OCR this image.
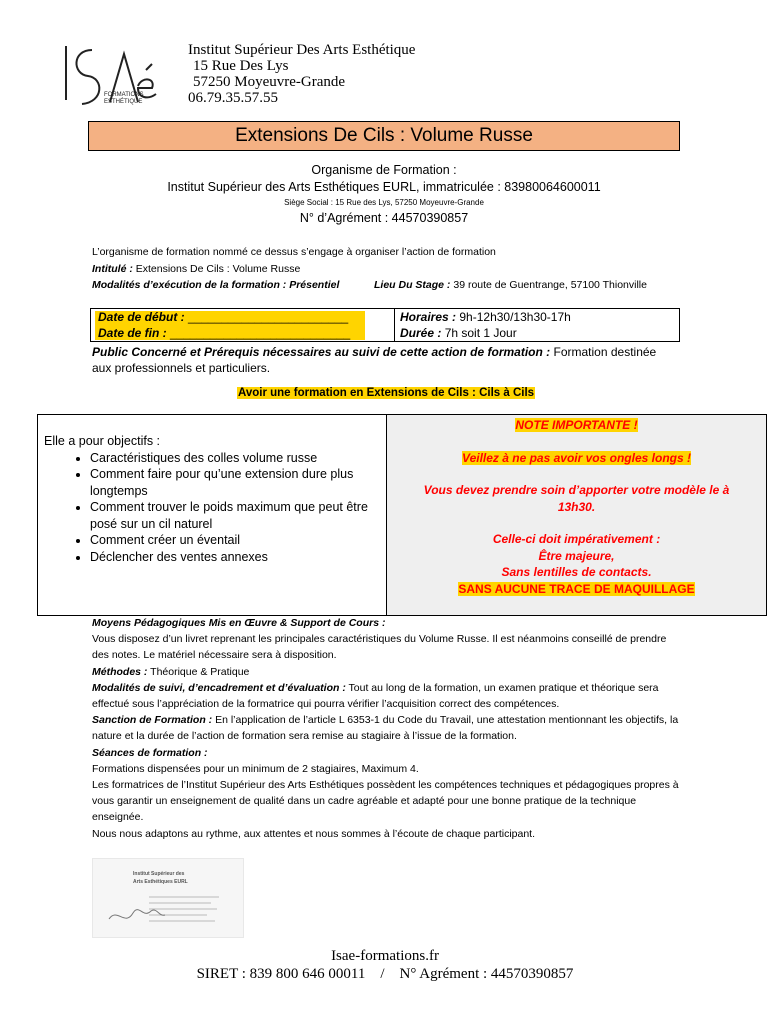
FORMATIONS
ESTHÉTIQUE
Institut Supérieur Des Arts Esthétique
15 Rue Des Lys
57250 Moyeuvre-Grande
06.79.35.57.55
Extensions De Cils : Volume Russe
Organisme de Formation :
Institut Supérieur des Arts Esthétiques EURL, immatriculée : 83980064600011
Siège Social : 15 Rue des Lys, 57250 Moyeuvre-Grande
N° d’Agrément : 44570390857
L’organisme de formation nommé ce dessus s’engage à organiser l’action de formation
Intitulé : Extensions De Cils : Volume Russe
Modalités d’exécution de la formation : Présentiel	Lieu Du Stage : 39 route de Guentrange, 57100 Thionville
Date de début : ________________________
Date de fin : ___________________________
Horaires : 9h-12h30/13h30-17h
Durée : 7h soit 1 Jour
Public Concerné et Prérequis nécessaires au suivi de cette action de formation : Formation destinée aux professionnels et particuliers.
Avoir une formation en Extensions de Cils : Cils à Cils
Elle a pour objectifs :
• Caractéristiques des colles volume russe
• Comment faire pour qu’une extension dure plus longtemps
• Comment trouver le poids maximum que peut être posé sur un cil naturel
• Comment créer un éventail
• Déclencher des ventes annexes

NOTE IMPORTANTE !

Veillez à ne pas avoir vos ongles longs !

Vous devez prendre soin d’apporter votre modèle le à 13h30.

Celle-ci doit impérativement :

Être majeure,

Sans lentilles de contacts.

SANS AUCUNE TRACE DE MAQUILLAGE

Moyens Pédagogiques Mis en Œuvre & Support de Cours :

Vous disposez d’un livret reprenant les principales caractéristiques du Volume Russe. Il est néanmoins conseillé de prendre des notes. Le matériel nécessaire sera à disposition.

Méthodes : Théorique & Pratique

Modalités de suivi, d’encadrement et d’évaluation : Tout au long de la formation, un examen pratique et théorique sera effectué sous l’appréciation de la formatrice qui pourra vérifier l’acquisition correct des compétences.

Sanction de Formation : En l’application de l’article L 6353-1 du Code du Travail, une attestation mentionnant les objectifs, la nature et la durée de l’action de formation sera remise au stagiaire à l’issue de la formation.

Séances de formation :

Formations dispensées pour un minimum de 2 stagiaires, Maximum 4.

Les formatrices de l’Institut Supérieur des Arts Esthétiques possèdent les compétences techniques et pédagogiques propres à vous garantir un enseignement de qualité dans un cadre agréable et adapté pour une bonne pratique de la technique enseignée.

Nous nous adaptons au rythme, aux attentes et nous sommes à l’écoute de chaque participant.

Institut Supérieur des
Arts Esthétiques EURL
Isae-formations.fr
SIRET : 839 800 646 00011    /    N° Agrément : 44570390857
